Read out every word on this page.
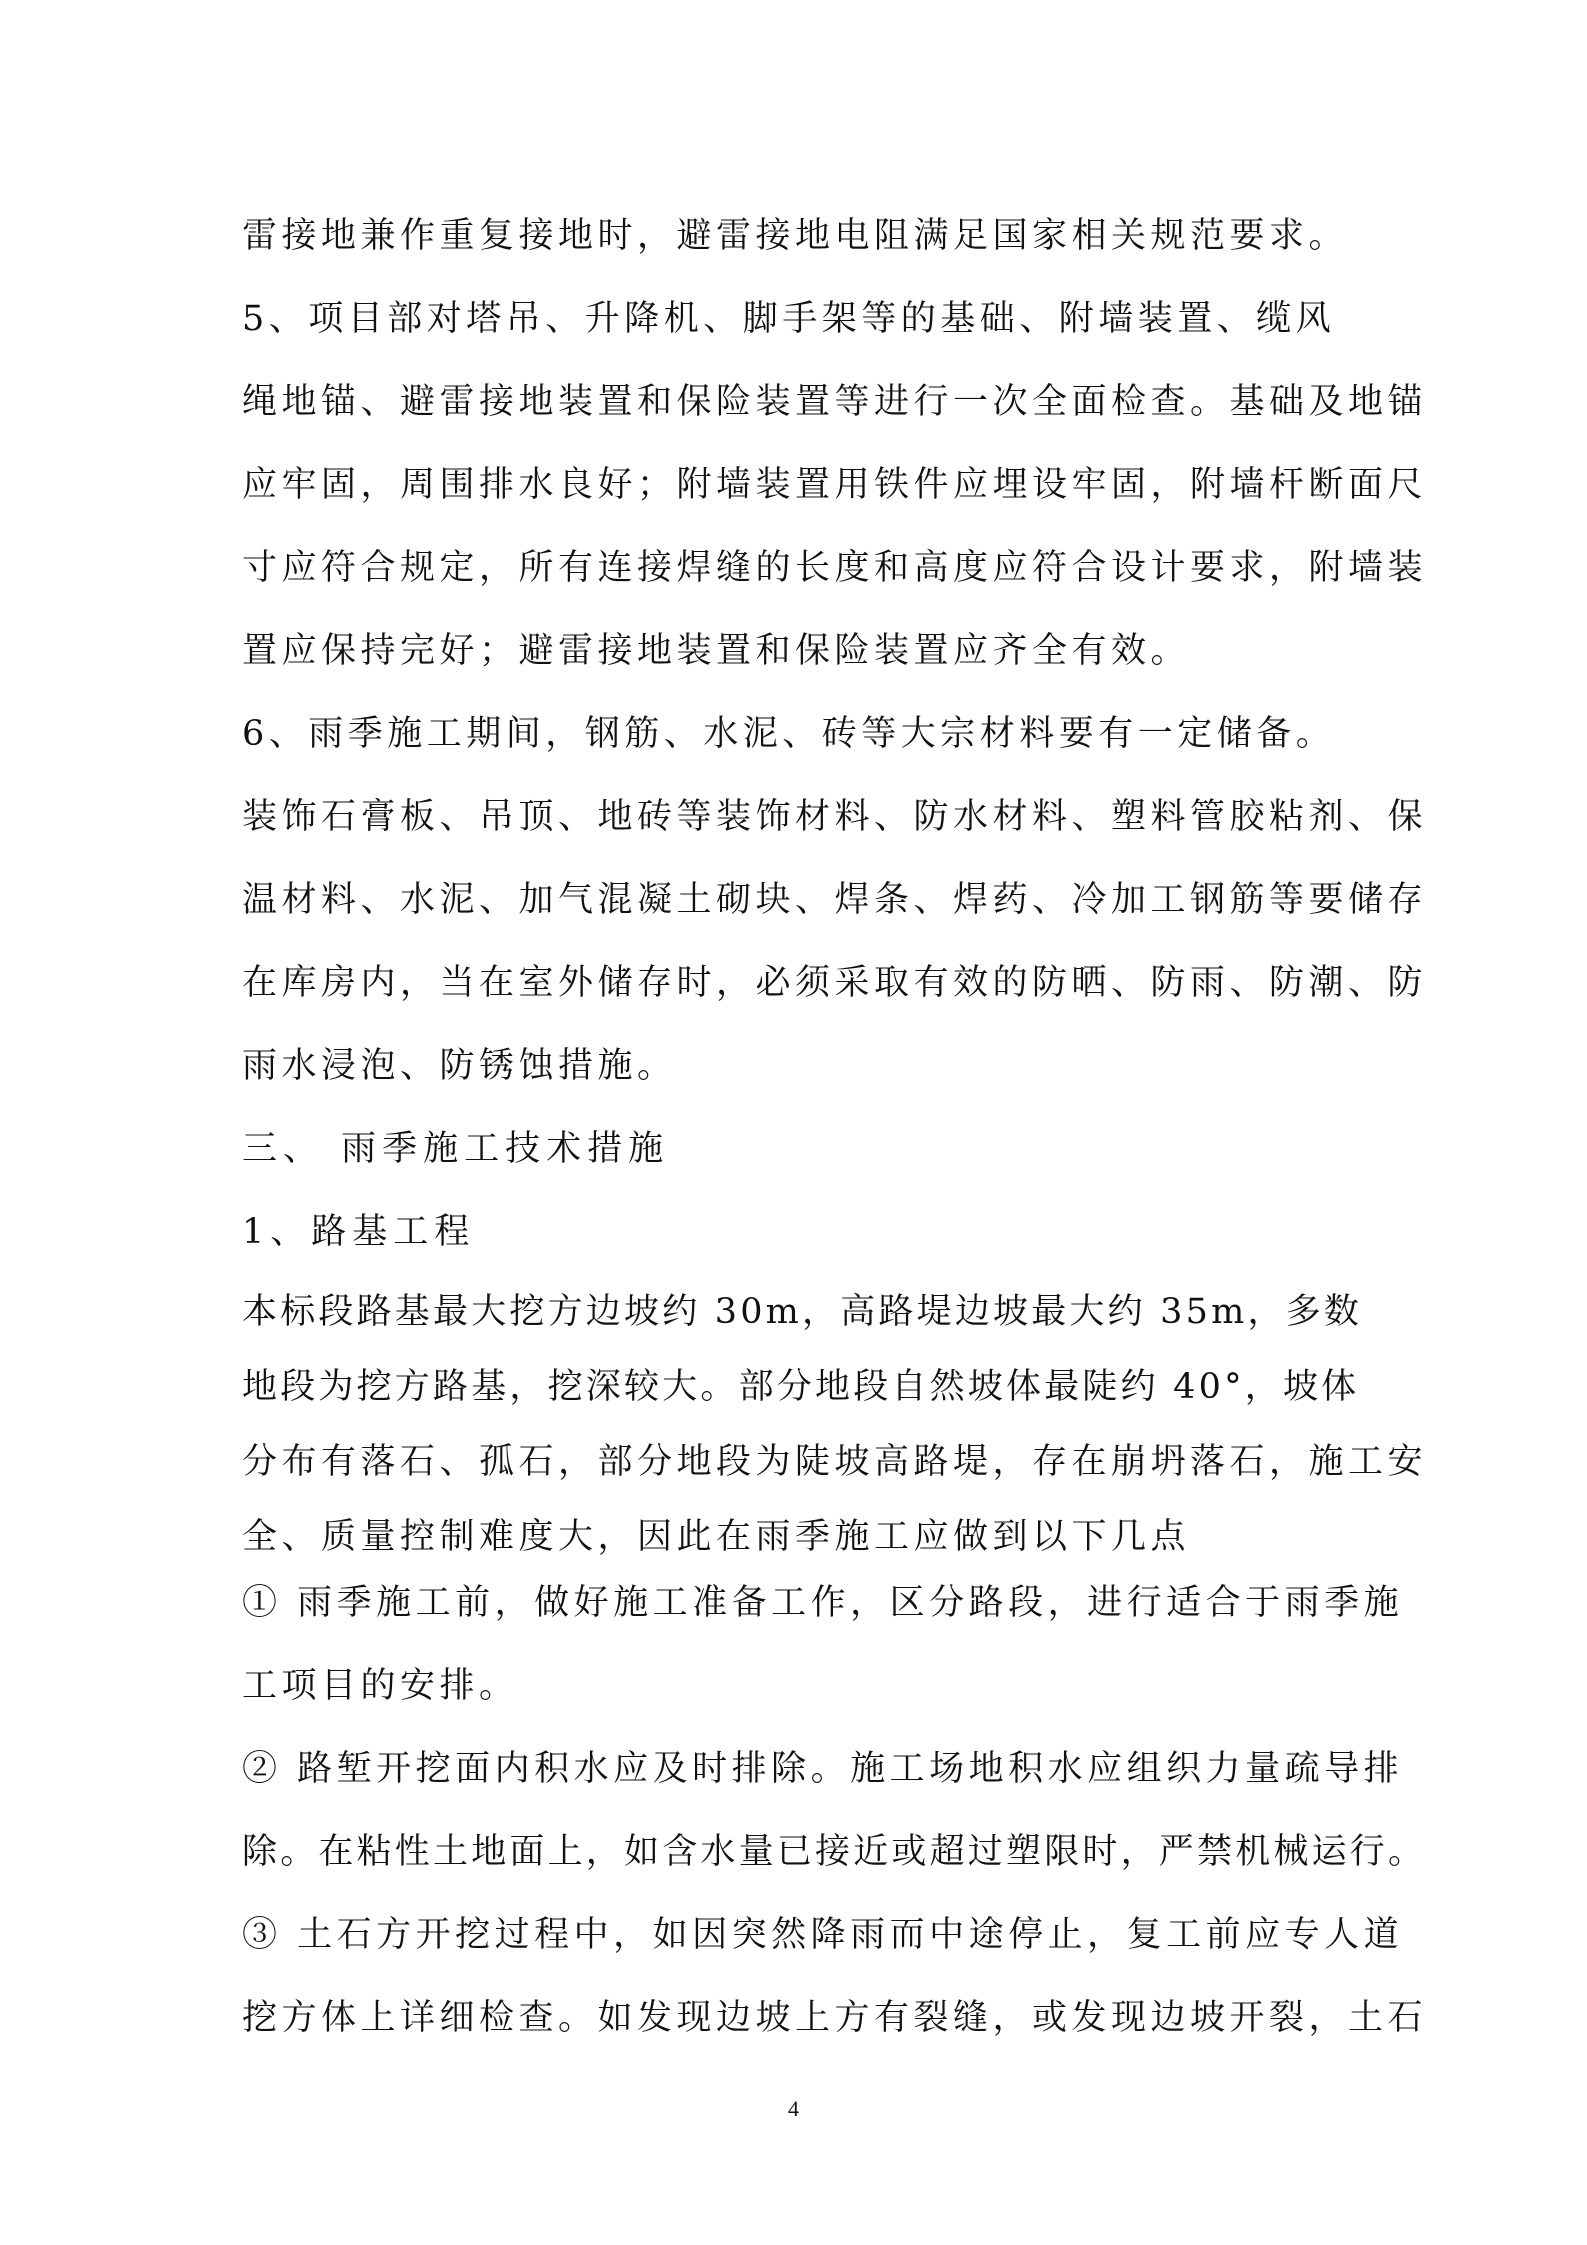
雷接地兼作重复接地时，避雷接地电阻满足国家相关规范要求。
5、项目部对塔吊、升降机、脚手架等的基础、附墙装置、缆风
绳地锚、避雷接地装置和保险装置等进行一次全面检查。基础及地锚
应牢固，周围排水良好；附墙装置用铁件应埋设牢固，附墙杆断面尺
寸应符合规定，所有连接焊缝的长度和高度应符合设计要求，附墙装
置应保持完好；避雷接地装置和保险装置应齐全有效。
6、雨季施工期间，钢筋、水泥、砖等大宗材料要有一定储备。
装饰石膏板、吊顶、地砖等装饰材料、防水材料、塑料管胶粘剂、保
温材料、水泥、加气混凝土砌块、焊条、焊药、冷加工钢筋等要储存
在库房内，当在室外储存时，必须采取有效的防晒、防雨、防潮、防
雨水浸泡、防锈蚀措施。
三、 雨季施工技术措施
1、路基工程
本标段路基最大挖方边坡约 30m，高路堤边坡最大约 35m，多数
地段为挖方路基，挖深较大。部分地段自然坡体最陡约 40°，坡体
分布有落石、孤石，部分地段为陡坡高路堤，存在崩坍落石，施工安
全、质量控制难度大，因此在雨季施工应做到以下几点
① 雨季施工前，做好施工准备工作，区分路段，进行适合于雨季施
工项目的安排。
② 路堑开挖面内积水应及时排除。施工场地积水应组织力量疏导排
除。在粘性土地面上，如含水量已接近或超过塑限时，严禁机械运行。
③ 土石方开挖过程中，如因突然降雨而中途停止，复工前应专人道
挖方体上详细检查。如发现边坡上方有裂缝，或发现边坡开裂，土石
4
